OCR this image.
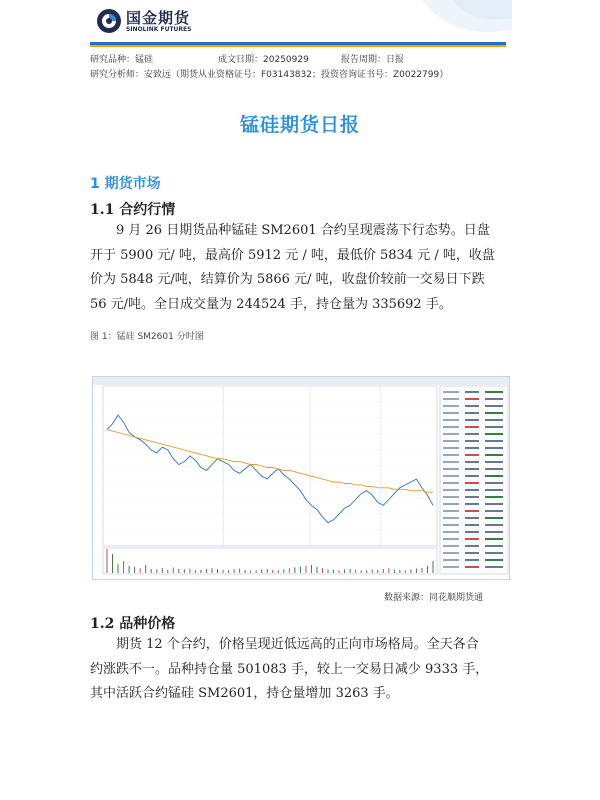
国金期货
SINOLINK FUTURES
研究品种：锰硅	成文日期：20250929	报告周期：日报
研究分析师：安致远（期货从业资格证号：F03143832；投资咨询证书号：Z0022799）
锰硅期货日报
1 期货市场
1.1 合约行情
9 月 26 日期货品种锰硅 SM2601 合约呈现震荡下行态势。日盘
开于 5900 元/ 吨，最高价 5912 元 / 吨，最低价 5834 元 / 吨，收盘
价为 5848 元/吨，结算价为 5866 元/ 吨，收盘价较前一交易日下跌
56 元/吨。全日成交量为 244524 手，持仓量为 335692 手。
图 1：锰硅 SM2601 分时图
数据来源：同花顺期货通
1.2 品种价格
期货 12 个合约，价格呈现近低远高的正向市场格局。全天各合
约涨跌不一。品种持仓量 501083 手，较上一交易日减少 9333 手，
其中活跃合约锰硅 SM2601，持仓量增加 3263 手。
